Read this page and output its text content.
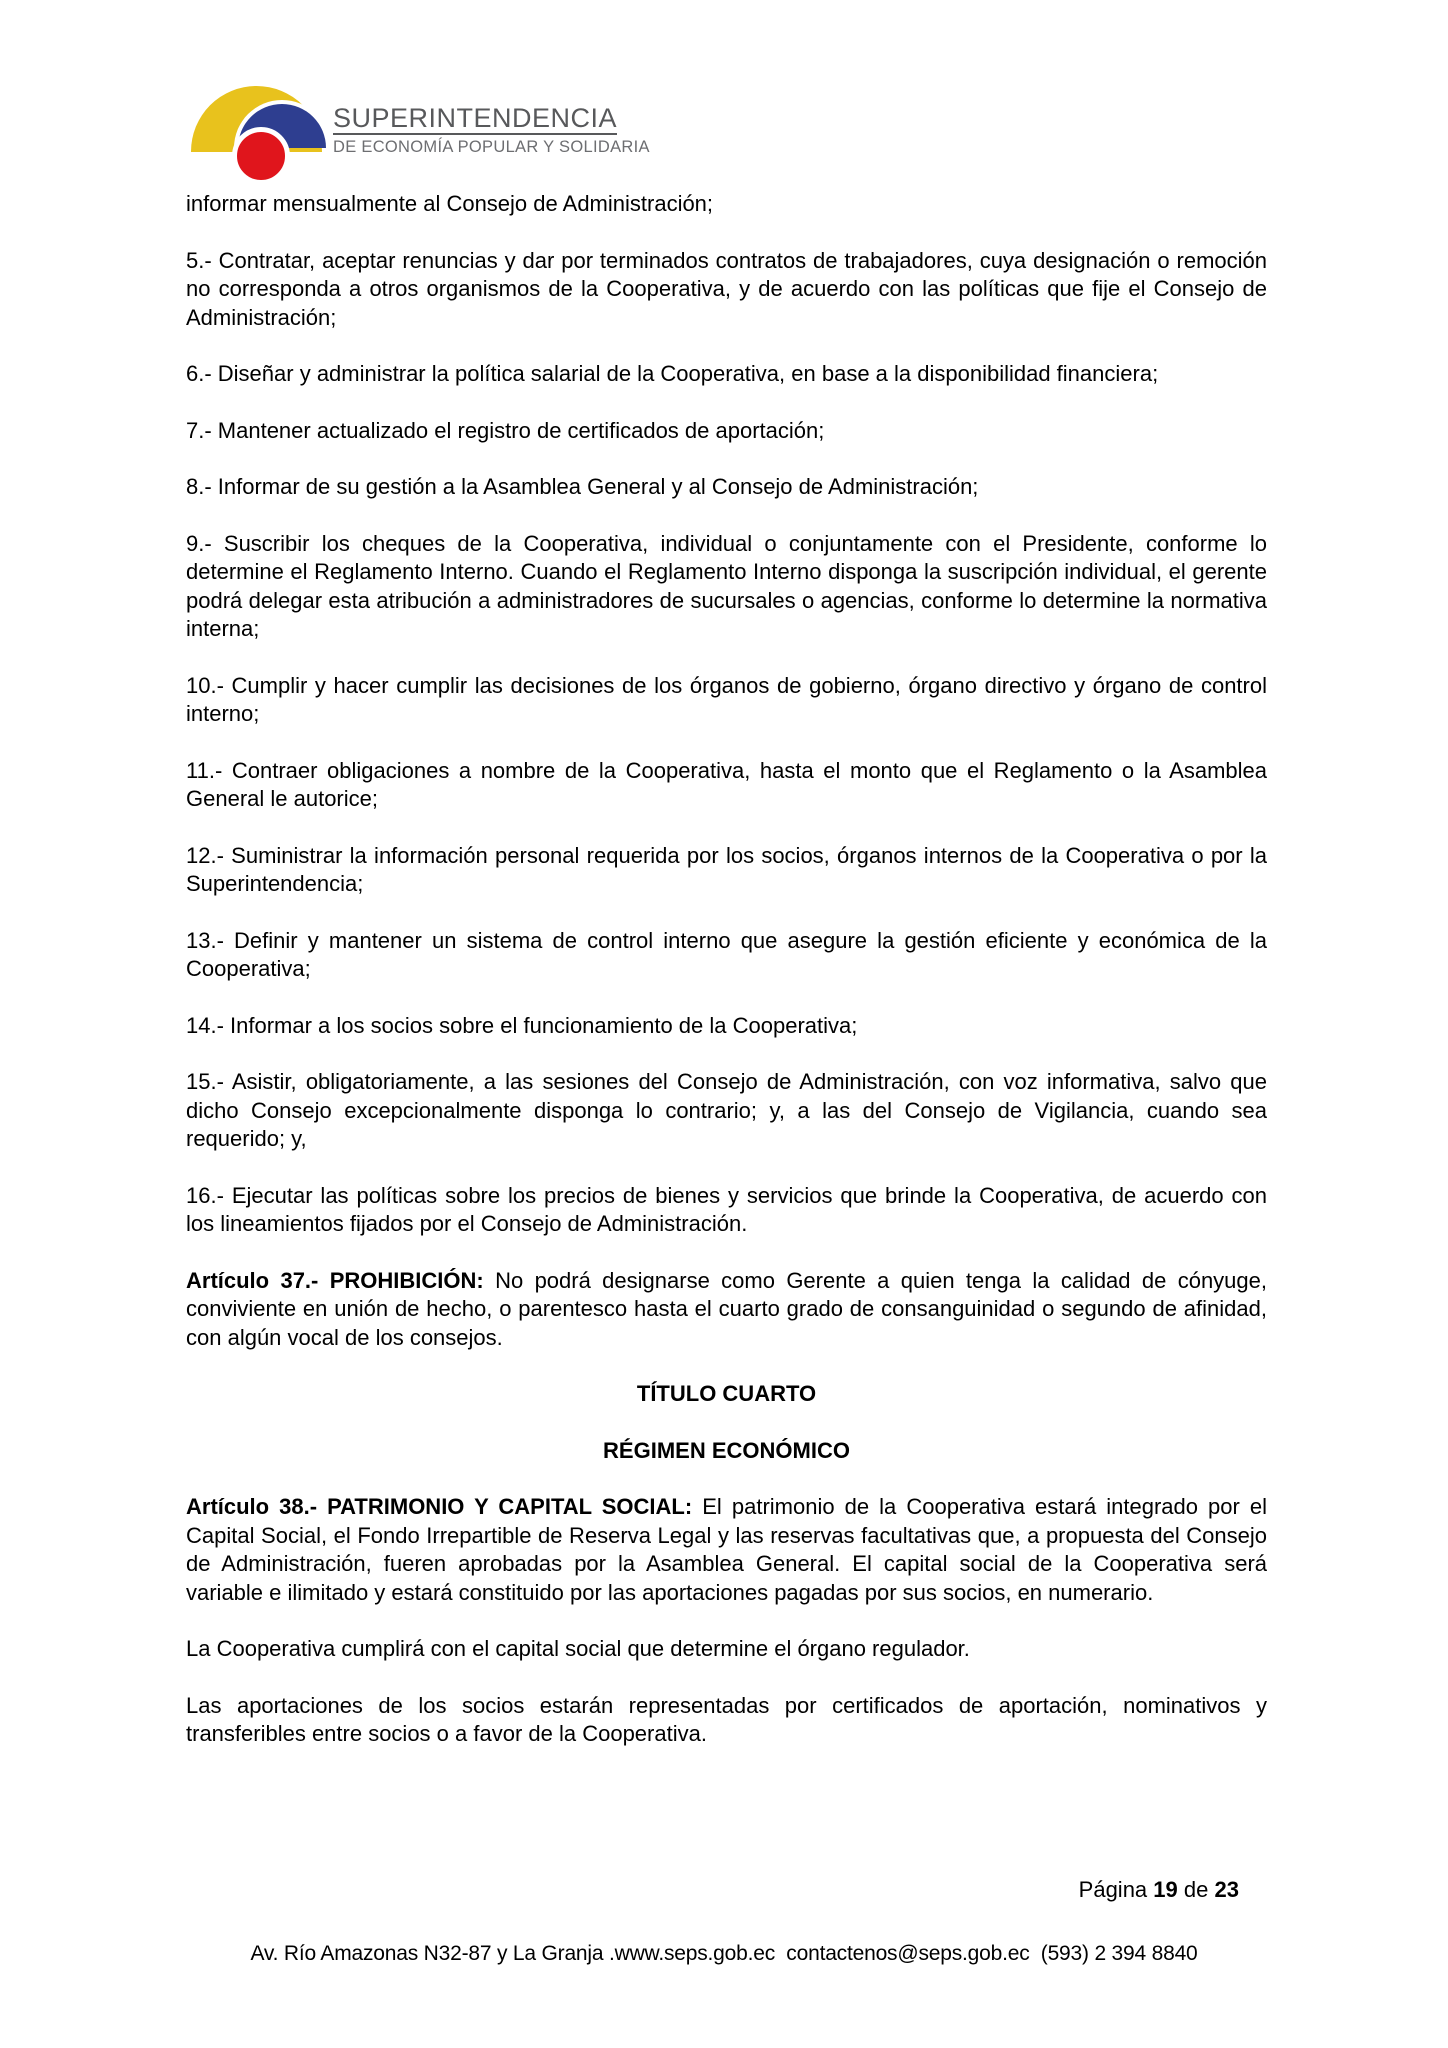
SUPERINTENDENCIA
DE ECONOMÍA POPULAR Y SOLIDARIA

informar mensualmente al Consejo de Administración;

5.- Contratar, aceptar renuncias y dar por terminados contratos de trabajadores, cuya designación o remoción no corresponda a otros organismos de la Cooperativa, y de acuerdo con las políticas que fije el Consejo de Administración;

6.- Diseñar y administrar la política salarial de la Cooperativa, en base a la disponibilidad financiera;

7.- Mantener actualizado el registro de certificados de aportación;

8.- Informar de su gestión a la Asamblea General y al Consejo de Administración;

9.- Suscribir los cheques de la Cooperativa, individual o conjuntamente con el Presidente, conforme lo determine el Reglamento Interno. Cuando el Reglamento Interno disponga la suscripción individual, el gerente podrá delegar esta atribución a administradores de sucursales o agencias, conforme lo determine la normativa interna;

10.- Cumplir y hacer cumplir las decisiones de los órganos de gobierno, órgano directivo y órgano de control interno;

11.- Contraer obligaciones a nombre de la Cooperativa, hasta el monto que el Reglamento o la Asamblea General le autorice;

12.- Suministrar la información personal requerida por los socios, órganos internos de la Cooperativa o por la Superintendencia;

13.- Definir y mantener un sistema de control interno que asegure la gestión eficiente y económica de la Cooperativa;

14.- Informar a los socios sobre el funcionamiento de la Cooperativa;

15.- Asistir, obligatoriamente, a las sesiones del Consejo de Administración, con voz informativa, salvo que dicho Consejo excepcionalmente disponga lo contrario; y, a las del Consejo de Vigilancia, cuando sea requerido; y,

16.- Ejecutar las políticas sobre los precios de bienes y servicios que brinde la Cooperativa, de acuerdo con los lineamientos fijados por el Consejo de Administración.

Artículo 37.- PROHIBICIÓN: No podrá designarse como Gerente a quien tenga la calidad de cónyuge, conviviente en unión de hecho, o parentesco hasta el cuarto grado de consanguinidad o segundo de afinidad, con algún vocal de los consejos.

TÍTULO CUARTO

RÉGIMEN ECONÓMICO

Artículo 38.- PATRIMONIO Y CAPITAL SOCIAL: El patrimonio de la Cooperativa estará integrado por el Capital Social, el Fondo Irrepartible de Reserva Legal y las reservas facultativas que, a propuesta del Consejo de Administración, fueren aprobadas por la Asamblea General. El capital social de la Cooperativa será variable e ilimitado y estará constituido por las aportaciones pagadas por sus socios, en numerario.

La Cooperativa cumplirá con el capital social que determine el órgano regulador.

Las aportaciones de los socios estarán representadas por certificados de aportación, nominativos y transferibles entre socios o a favor de la Cooperativa.

Página 19 de 23
Av. Río Amazonas N32-87 y La Granja .www.seps.gob.ec  contactenos@seps.gob.ec  (593) 2 394 8840
